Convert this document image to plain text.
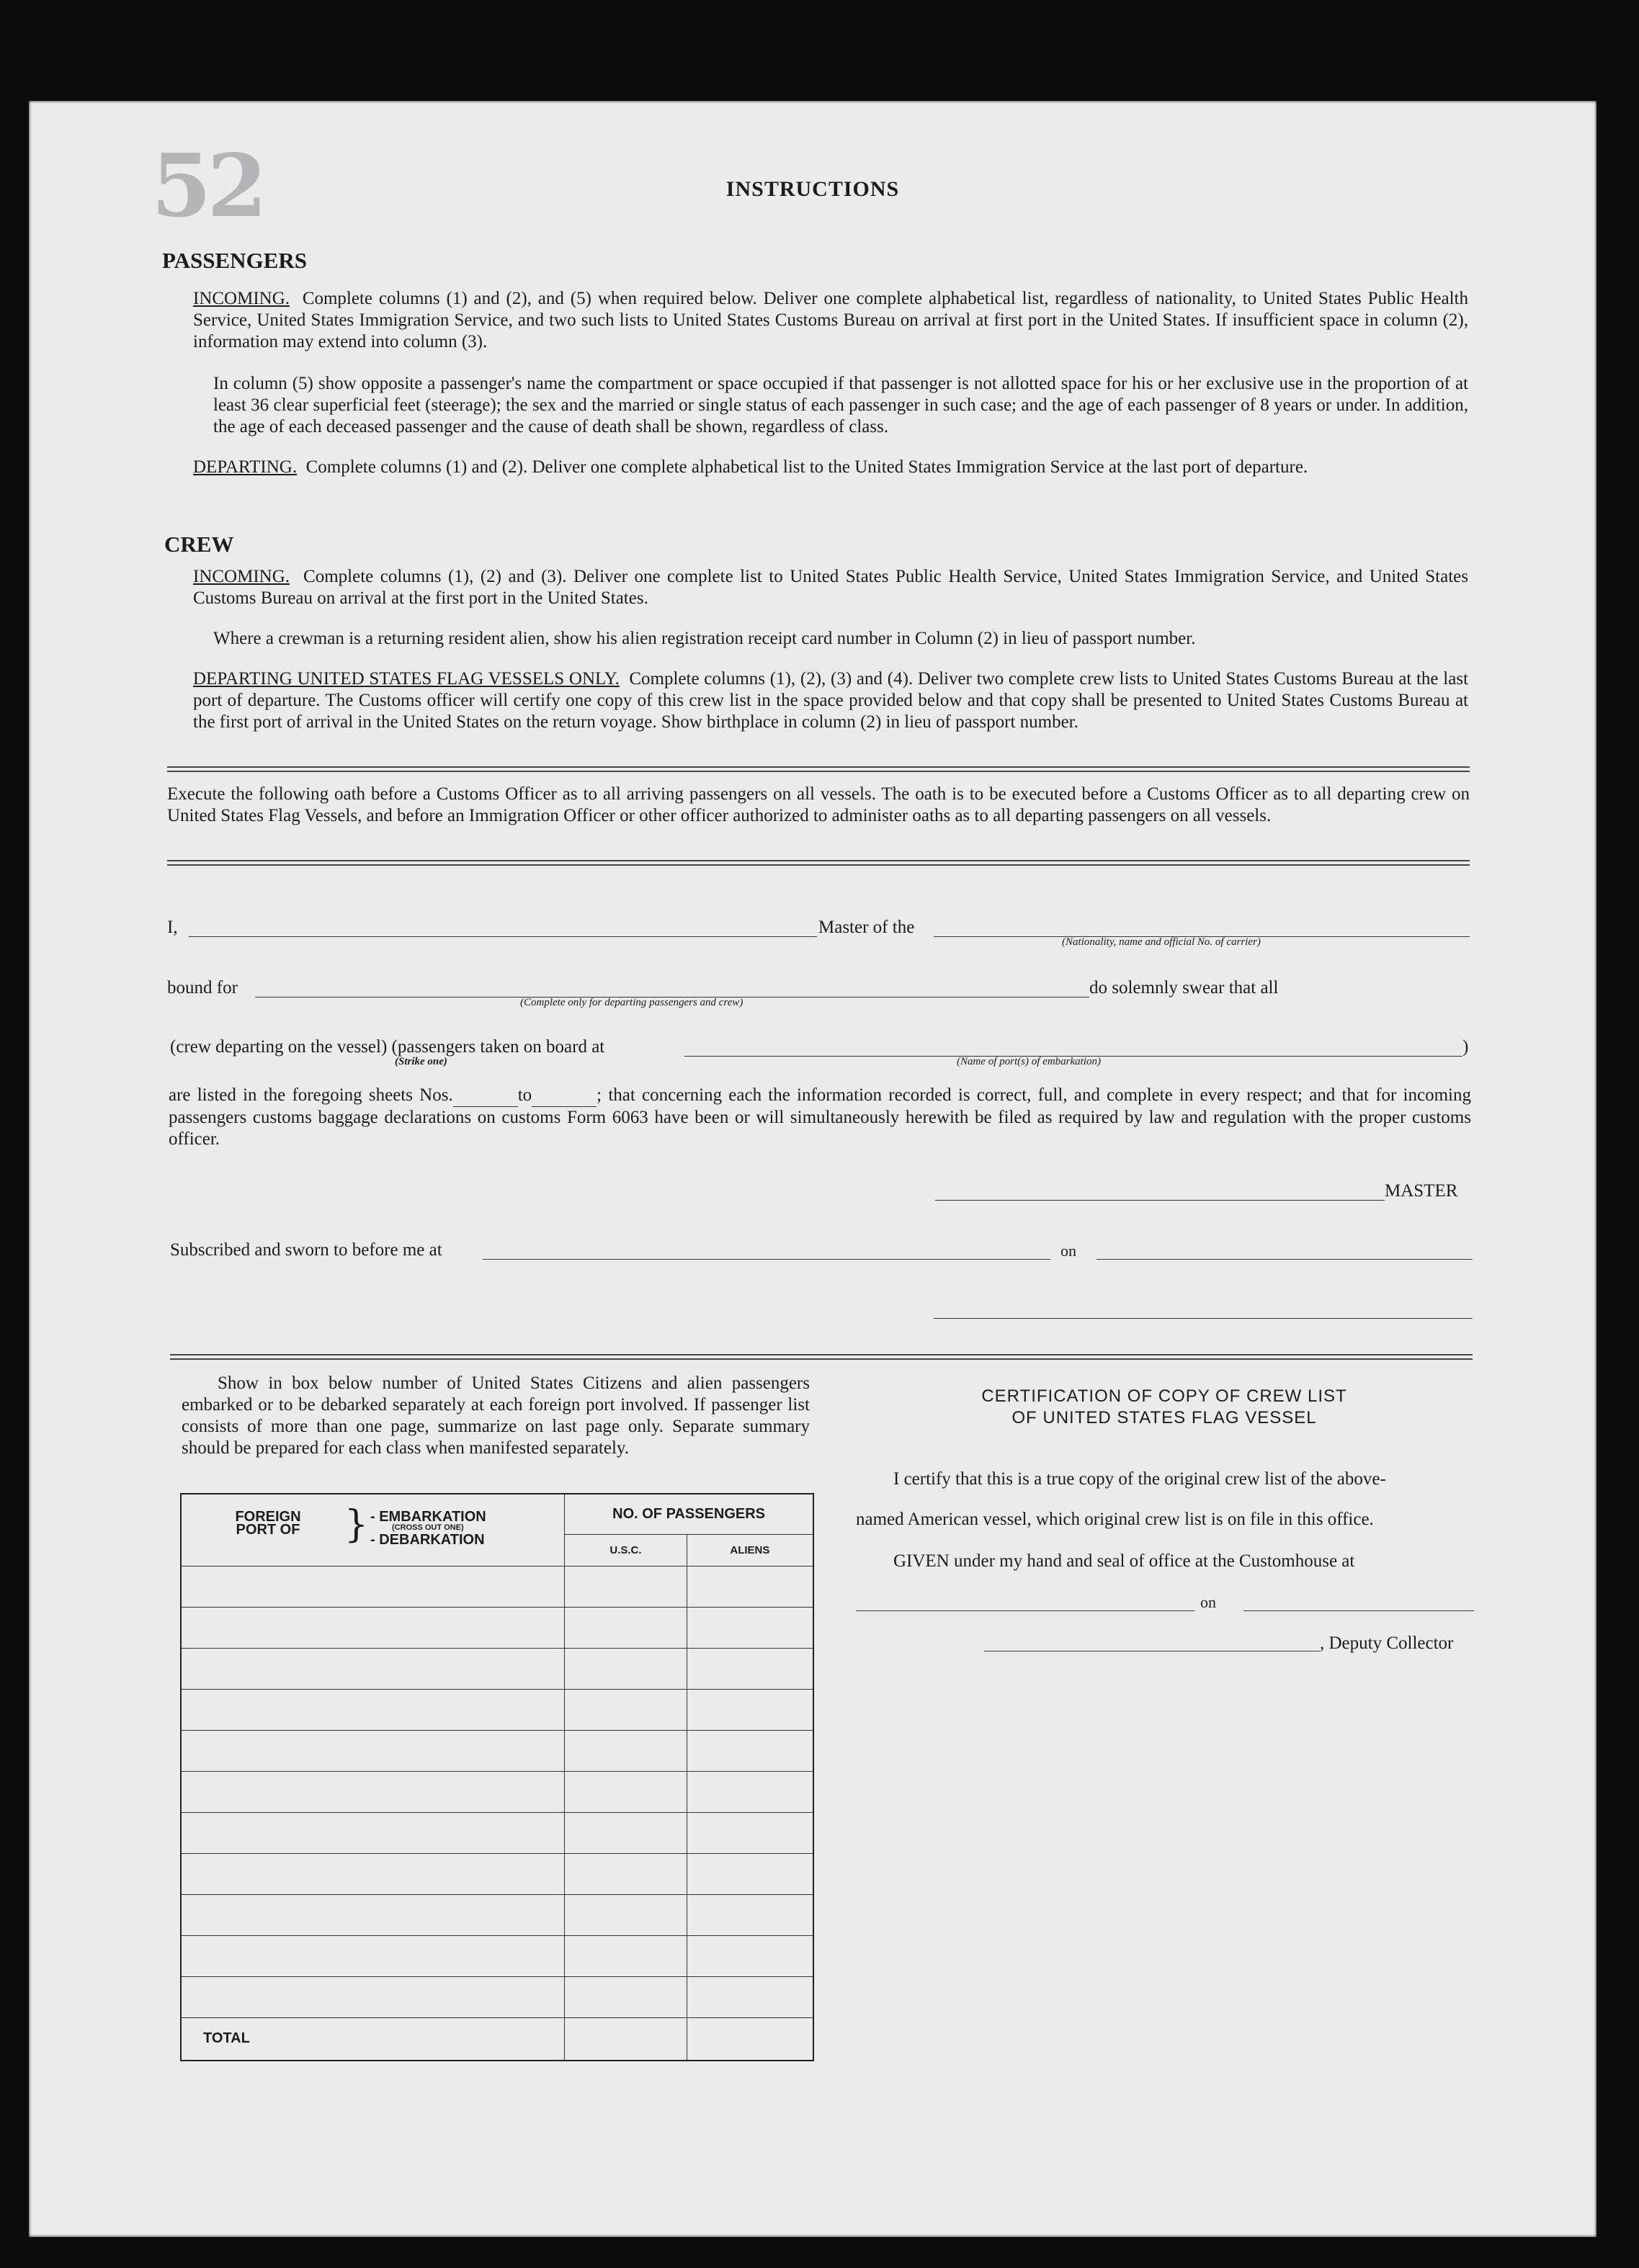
52	INSTRUCTIONS
PASSENGERS
INCOMING. Complete columns (1) and (2), and (5) when required below. Deliver one complete alphabetical list, regardless of nationality, to United States Public Health Service, United States Immigration Service, and two such lists to United States Customs Bureau on arrival at first port in the United States. If insufficient space in column (2), information may extend into column (3).
In column (5) show opposite a passenger's name the compartment or space occupied if that passenger is not allotted space for his or her exclusive use in the proportion of at least 36 clear superficial feet (steerage); the sex and the married or single status of each passenger in such case; and the age of each passenger of 8 years or under. In addition, the age of each deceased passenger and the cause of death shall be shown, regardless of class.
DEPARTING. Complete columns (1) and (2). Deliver one complete alphabetical list to the United States Immigration Service at the last port of departure.
CREW
INCOMING. Complete columns (1), (2) and (3). Deliver one complete list to United States Public Health Service, United States Immigration Service, and United States Customs Bureau on arrival at the first port in the United States.
Where a crewman is a returning resident alien, show his alien registration receipt card number in Column (2) in lieu of passport number.
DEPARTING UNITED STATES FLAG VESSELS ONLY. Complete columns (1), (2), (3) and (4). Deliver two complete crew lists to United States Customs Bureau at the last port of departure. The Customs officer will certify one copy of this crew list in the space provided below and that copy shall be presented to United States Customs Bureau at the first port of arrival in the United States on the return voyage. Show birthplace in column (2) in lieu of passport number.
Execute the following oath before a Customs Officer as to all arriving passengers on all vessels. The oath is to be executed before a Customs Officer as to all departing crew on United States Flag Vessels, and before an Immigration Officer or other officer authorized to administer oaths as to all departing passengers on all vessels.
I,	Master of the
(Nationality, name and official No. of carrier)
bound for
(Complete only for departing passengers and crew)
do solemnly swear that all
(crew departing on the vessel) (passengers taken on board at
(Strike one)	(Name of port(s) of embarkation)
)
are listed in the foregoing sheets Nos.	to	; that concerning each the information recorded is correct, full, and complete in every respect; and that for incoming passengers customs baggage declarations on customs Form 6063 have been or will simultaneously herewith be filed as required by law and regulation with the proper customs officer.
MASTER
Subscribed and sworn to before me at	on
Show in box below number of United States Citizens and alien passengers embarked or to be debarked separately at each foreign port involved. If passenger list consists of more than one page, summarize on last page only. Separate summary should be prepared for each class when manifested separately.
FOREIGN PORT OF } - EMBARKATION
(CROSS OUT ONE)
- DEBARKATION	NO. OF PASSENGERS	
	U.S.C.	ALIENS

TOTAL		
CERTIFICATION OF COPY OF CREW LIST
OF UNITED STATES FLAG VESSEL
I certify that this is a true copy of the original crew list of the above-
named American vessel, which original crew list is on file in this office.
GIVEN under my hand and seal of office at the Customhouse at
on
, Deputy Collector
